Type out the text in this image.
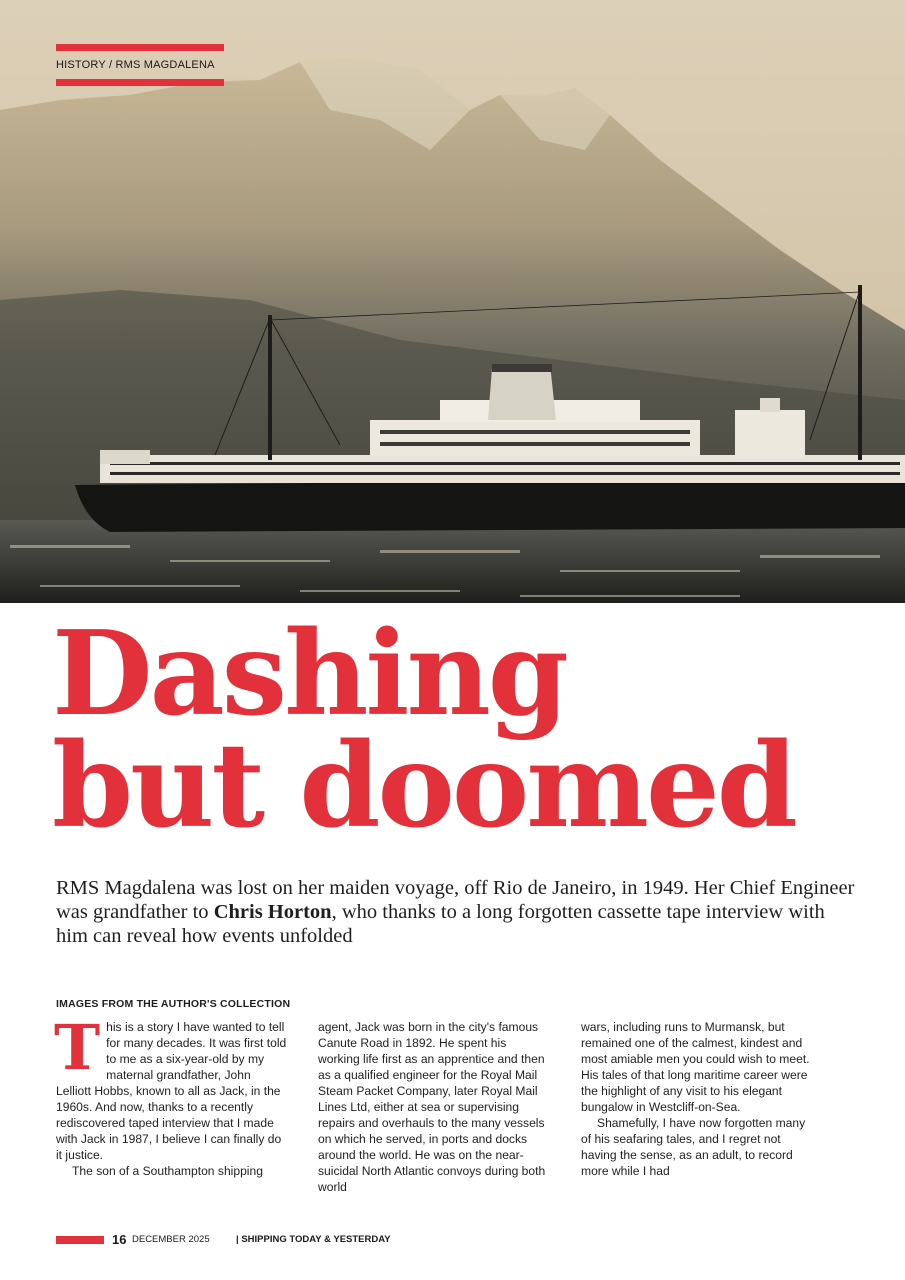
HISTORY / RMS MAGDALENA
Dashing
but doomed

RMS Magdalena was lost on her maiden voyage, off Rio de Janeiro, in 1949. Her Chief Engineer was grandfather to Chris Horton, who thanks to a long forgotten cassette tape interview with him can reveal how events unfolded

IMAGES FROM THE AUTHOR'S COLLECTION

This is a story I have wanted to tell for many decades. It was first told to me as a six-year-old by my maternal grandfather, John Lelliott Hobbs, known to all as Jack, in the 1960s. And now, thanks to a recently rediscovered taped interview that I made with Jack in 1987, I believe I can finally do it justice.

The son of a Southampton shipping

agent, Jack was born in the city's famous Canute Road in 1892. He spent his working life first as an apprentice and then as a qualified engineer for the Royal Mail Steam Packet Company, later Royal Mail Lines Ltd, either at sea or supervising repairs and overhauls to the many vessels on which he served, in ports and docks around the world. He was on the near-suicidal North Atlantic convoys during both world

wars, including runs to Murmansk, but remained one of the calmest, kindest and most amiable men you could wish to meet. His tales of that long maritime career were the highlight of any visit to his elegant bungalow in Westcliff-on-Sea.

Shamefully, I have now forgotten many of his seafaring tales, and I regret not having the sense, as an adult, to record more while I had

16 DECEMBER 2025	| SHIPPING TODAY & YESTERDAY
